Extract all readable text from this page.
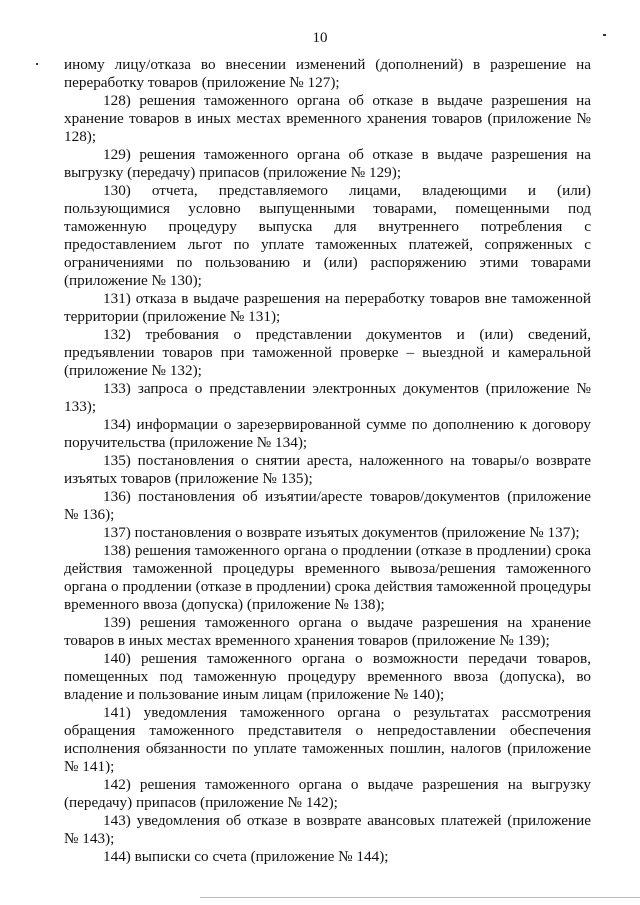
10

иному лицу/отказа во внесении изменений (дополнений) в разрешение на переработку товаров (приложение № 127);

128) решения таможенного органа об отказе в выдаче разрешения на хранение товаров в иных местах временного хранения товаров (приложение № 128);

129) решения таможенного органа об отказе в выдаче разрешения на выгрузку (передачу) припасов (приложение № 129);

130) отчета, представляемого лицами, владеющими и (или) пользующимися условно выпущенными товарами, помещенными под таможенную процедуру выпуска для внутреннего потребления с предоставлением льгот по уплате таможенных платежей, сопряженных с ограничениями по пользованию и (или) распоряжению этими товарами (приложение № 130);

131) отказа в выдаче разрешения на переработку товаров вне таможенной территории (приложение № 131);

132) требования о представлении документов и (или) сведений, предъявлении товаров при таможенной проверке – выездной и камеральной (приложение № 132);

133) запроса о представлении электронных документов (приложение № 133);

134) информации о зарезервированной сумме по дополнению к договору поручительства (приложение № 134);

135) постановления о снятии ареста, наложенного на товары/о возврате изъятых товаров (приложение № 135);

136) постановления об изъятии/аресте товаров/документов (приложение № 136);

137) постановления о возврате изъятых документов (приложение № 137);

138) решения таможенного органа о продлении (отказе в продлении) срока действия таможенной процедуры временного вывоза/решения таможенного органа о продлении (отказе в продлении) срока действия таможенной процедуры временного ввоза (допуска) (приложение № 138);

139) решения таможенного органа о выдаче разрешения на хранение товаров в иных местах временного хранения товаров (приложение № 139);

140) решения таможенного органа о возможности передачи товаров, помещенных под таможенную процедуру временного ввоза (допуска), во владение и пользование иным лицам (приложение № 140);

141) уведомления таможенного органа о результатах рассмотрения обращения таможенного представителя о непредоставлении обеспечения исполнения обязанности по уплате таможенных пошлин, налогов (приложение № 141);

142) решения таможенного органа о выдаче разрешения на выгрузку (передачу) припасов (приложение № 142);

143) уведомления об отказе в возврате авансовых платежей (приложение № 143);

144) выписки со счета (приложение № 144);
